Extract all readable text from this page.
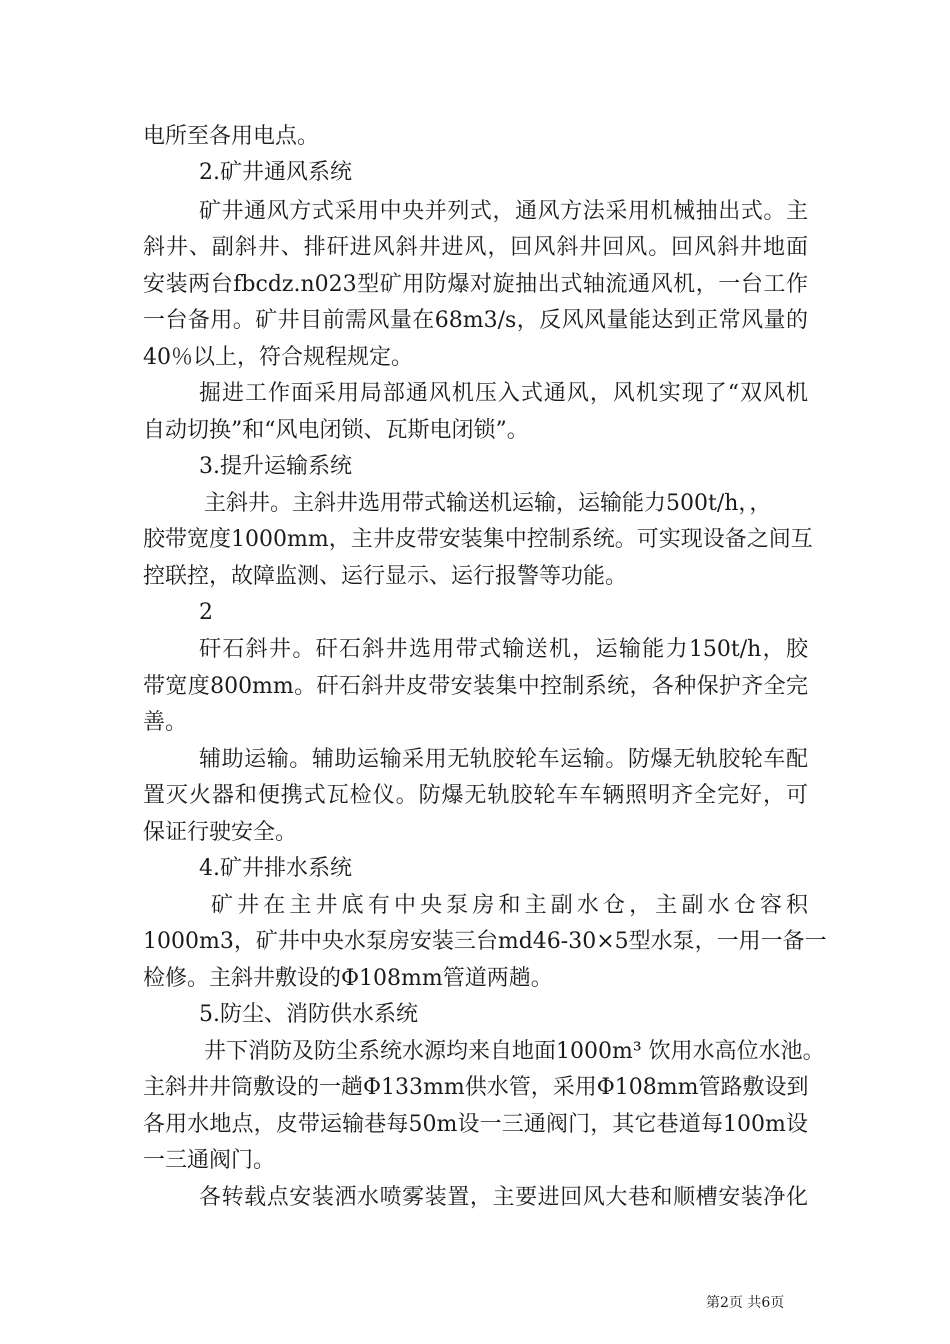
电所至各用电点。
2.矿井通风系统
矿井通风方式采用中央并列式，通风方法采用机械抽出式。主
斜井、副斜井、排矸进风斜井进风，回风斜井回风。回风斜井地面
安装两台fbcdz.n023型矿用防爆对旋抽出式轴流通风机，一台工作
一台备用。矿井目前需风量在68m3/s，反风风量能达到正常风量的
40％以上，符合规程规定。
掘进工作面采用局部通风机压入式通风，风机实现了“双风机
自动切换”和“风电闭锁、瓦斯电闭锁”。
3.提升运输系统
主斜井。主斜井选用带式输送机运输，运输能力500t/h，，
胶带宽度1000mm，主井皮带安装集中控制系统。可实现设备之间互
控联控，故障监测、运行显示、运行报警等功能。
2
矸石斜井。矸石斜井选用带式输送机，运输能力150t/h，胶
带宽度800mm。矸石斜井皮带安装集中控制系统，各种保护齐全完
善。
辅助运输。辅助运输采用无轨胶轮车运输。防爆无轨胶轮车配
置灭火器和便携式瓦检仪。防爆无轨胶轮车车辆照明齐全完好，可
保证行驶安全。
4.矿井排水系统
矿井在主井底有中央泵房和主副水仓，主副水仓容积
1000m3，矿井中央水泵房安装三台md46-30×5型水泵，一用一备一
检修。主斜井敷设的Φ108mm管道两趟。
5.防尘、消防供水系统
井下消防及防尘系统水源均来自地面1000m³ 饮用水高位水池。
主斜井井筒敷设的一趟Φ133mm供水管，采用Φ108mm管路敷设到
各用水地点，皮带运输巷每50m设一三通阀门，其它巷道每100m设
一三通阀门。
各转载点安装洒水喷雾装置，主要进回风大巷和顺槽安装净化
第2页 共6页
